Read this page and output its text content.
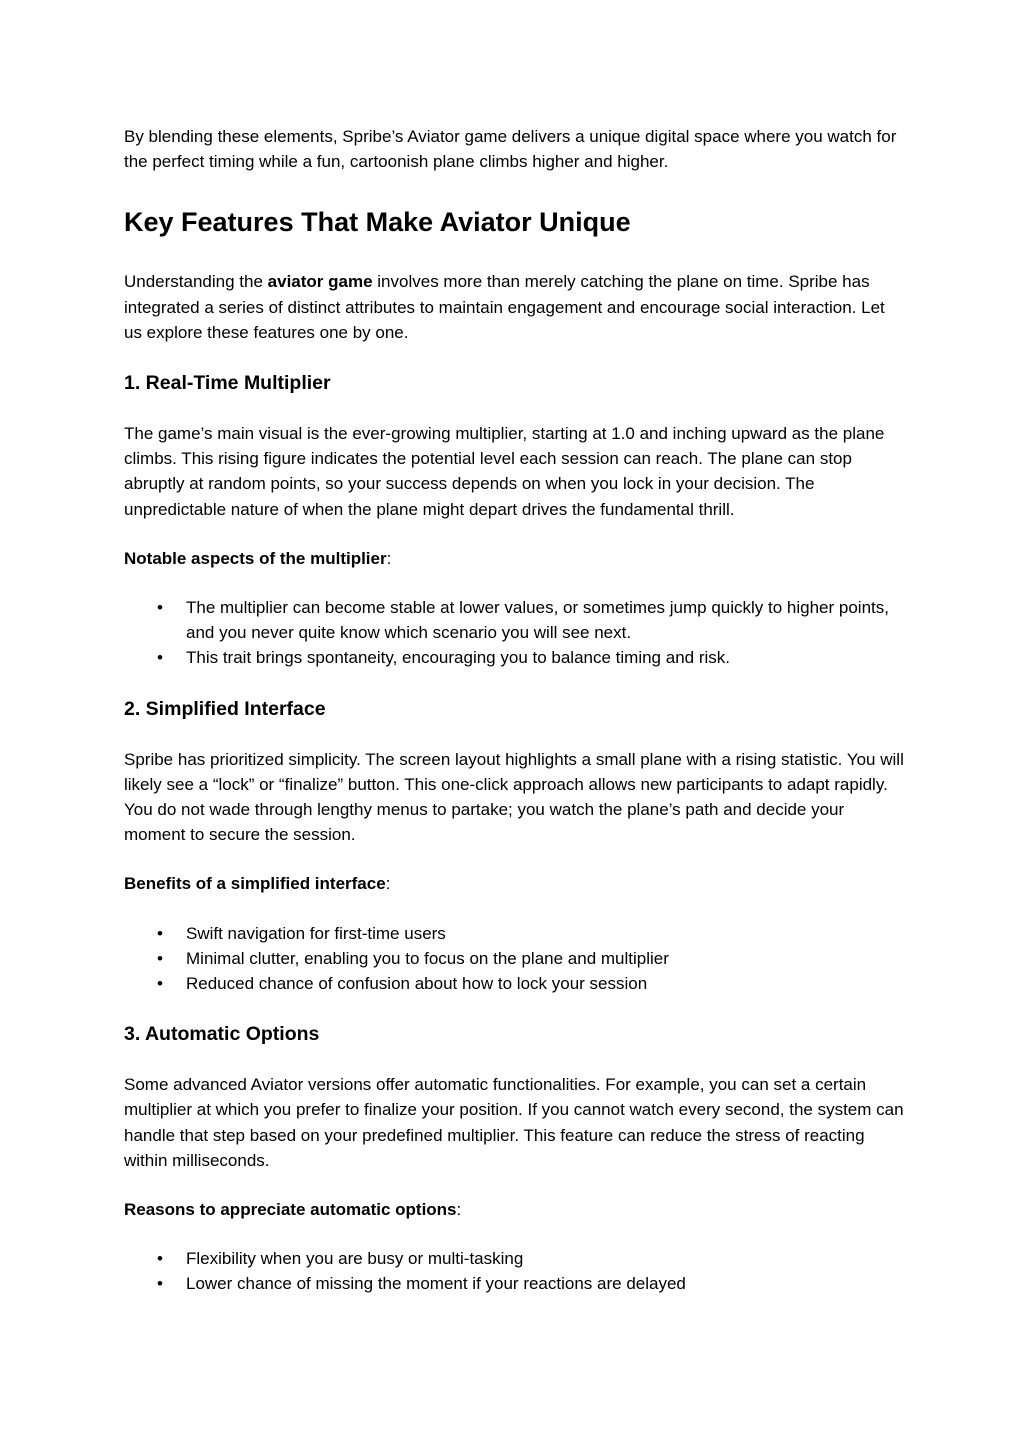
By blending these elements, Spribe’s Aviator game delivers a unique digital space where you watch for the perfect timing while a fun, cartoonish plane climbs higher and higher.

Key Features That Make Aviator Unique

Understanding the aviator game involves more than merely catching the plane on time. Spribe has integrated a series of distinct attributes to maintain engagement and encourage social interaction. Let us explore these features one by one.

1. Real-Time Multiplier

The game’s main visual is the ever-growing multiplier, starting at 1.0 and inching upward as the plane climbs. This rising figure indicates the potential level each session can reach. The plane can stop abruptly at random points, so your success depends on when you lock in your decision. The unpredictable nature of when the plane might depart drives the fundamental thrill.

Notable aspects of the multiplier:

• The multiplier can become stable at lower values, or sometimes jump quickly to higher points, and you never quite know which scenario you will see next.
• This trait brings spontaneity, encouraging you to balance timing and risk.
2. Simplified Interface

Spribe has prioritized simplicity. The screen layout highlights a small plane with a rising statistic. You will likely see a “lock” or “finalize” button. This one-click approach allows new participants to adapt rapidly. You do not wade through lengthy menus to partake; you watch the plane’s path and decide your moment to secure the session.

Benefits of a simplified interface:

• Swift navigation for first-time users
• Minimal clutter, enabling you to focus on the plane and multiplier
• Reduced chance of confusion about how to lock your session
3. Automatic Options

Some advanced Aviator versions offer automatic functionalities. For example, you can set a certain multiplier at which you prefer to finalize your position. If you cannot watch every second, the system can handle that step based on your predefined multiplier. This feature can reduce the stress of reacting within milliseconds.

Reasons to appreciate automatic options:

• Flexibility when you are busy or multi-tasking
• Lower chance of missing the moment if your reactions are delayed
